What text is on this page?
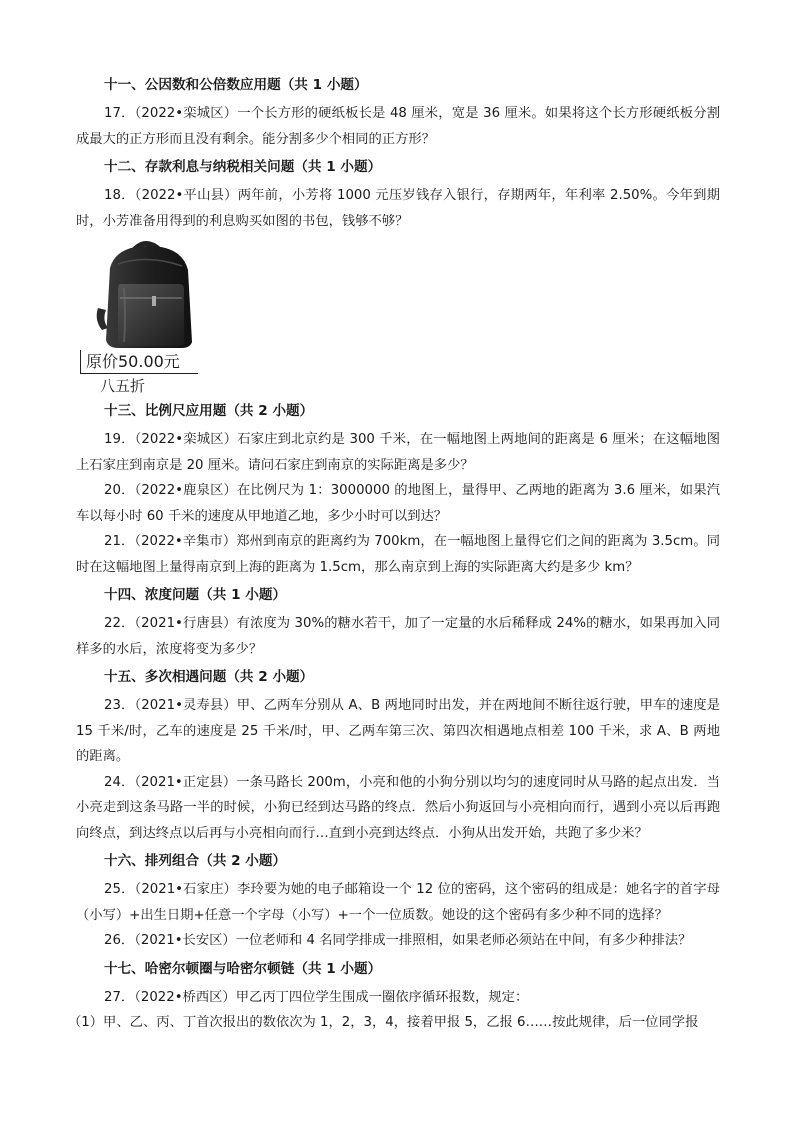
十一、公因数和公倍数应用题（共 1 小题）

17．（2022•栾城区）一个长方形的硬纸板长是 48 厘米，宽是 36 厘米。如果将这个长方形硬纸板分割成最大的正方形而且没有剩余。能分割多少个相同的正方形？

十二、存款利息与纳税相关问题（共 1 小题）

18．（2022•平山县）两年前，小芳将 1000 元压岁钱存入银行，存期两年，年利率 2.50%。今年到期时，小芳准备用得到的利息购买如图的书包，钱够不够？

原价50.00元
八五折
十三、比例尺应用题（共 2 小题）

19．（2022•栾城区）石家庄到北京约是 300 千米，在一幅地图上两地间的距离是 6 厘米；在这幅地图上石家庄到南京是 20 厘米。请问石家庄到南京的实际距离是多少？

20．（2022•鹿泉区）在比例尺为 1：3000000 的地图上，量得甲、乙两地的距离为 3.6 厘米，如果汽车以每小时 60 千米的速度从甲地道乙地，多少小时可以到达？

21．（2022•辛集市）郑州到南京的距离约为 700km，在一幅地图上量得它们之间的距离为 3.5cm。同时在这幅地图上量得南京到上海的距离为 1.5cm，那么南京到上海的实际距离大约是多少 km？

十四、浓度问题（共 1 小题）

22．（2021•行唐县）有浓度为 30%的糖水若干，加了一定量的水后稀释成 24%的糖水，如果再加入同样多的水后，浓度将变为多少？

十五、多次相遇问题（共 2 小题）

23．（2021•灵寿县）甲、乙两车分别从 A、B 两地同时出发，并在两地间不断往返行驶，甲车的速度是 15 千米/时，乙车的速度是 25 千米/时，甲、乙两车第三次、第四次相遇地点相差 100 千米，求 A、B 两地的距离。

24．（2021•正定县）一条马路长 200m，小亮和他的小狗分别以均匀的速度同时从马路的起点出发．当小亮走到这条马路一半的时候，小狗已经到达马路的终点．然后小狗返回与小亮相向而行，遇到小亮以后再跑向终点，到达终点以后再与小亮相向而行…直到小亮到达终点．小狗从出发开始，共跑了多少米？

十六、排列组合（共 2 小题）

25．（2021•石家庄）李玲要为她的电子邮箱设一个 12 位的密码，这个密码的组成是：她名字的首字母（小写）+出生日期+任意一个字母（小写）+一个一位质数。她设的这个密码有多少种不同的选择？

26．（2021•长安区）一位老师和 4 名同学排成一排照相，如果老师必须站在中间，有多少种排法？

十七、哈密尔顿圈与哈密尔顿链（共 1 小题）

27．（2022•桥西区）甲乙丙丁四位学生围成一圈依序循环报数，规定：

（1）甲、乙、丙、丁首次报出的数依次为 1，2，3，4，接着甲报 5，乙报 6……按此规律，后一位同学报
